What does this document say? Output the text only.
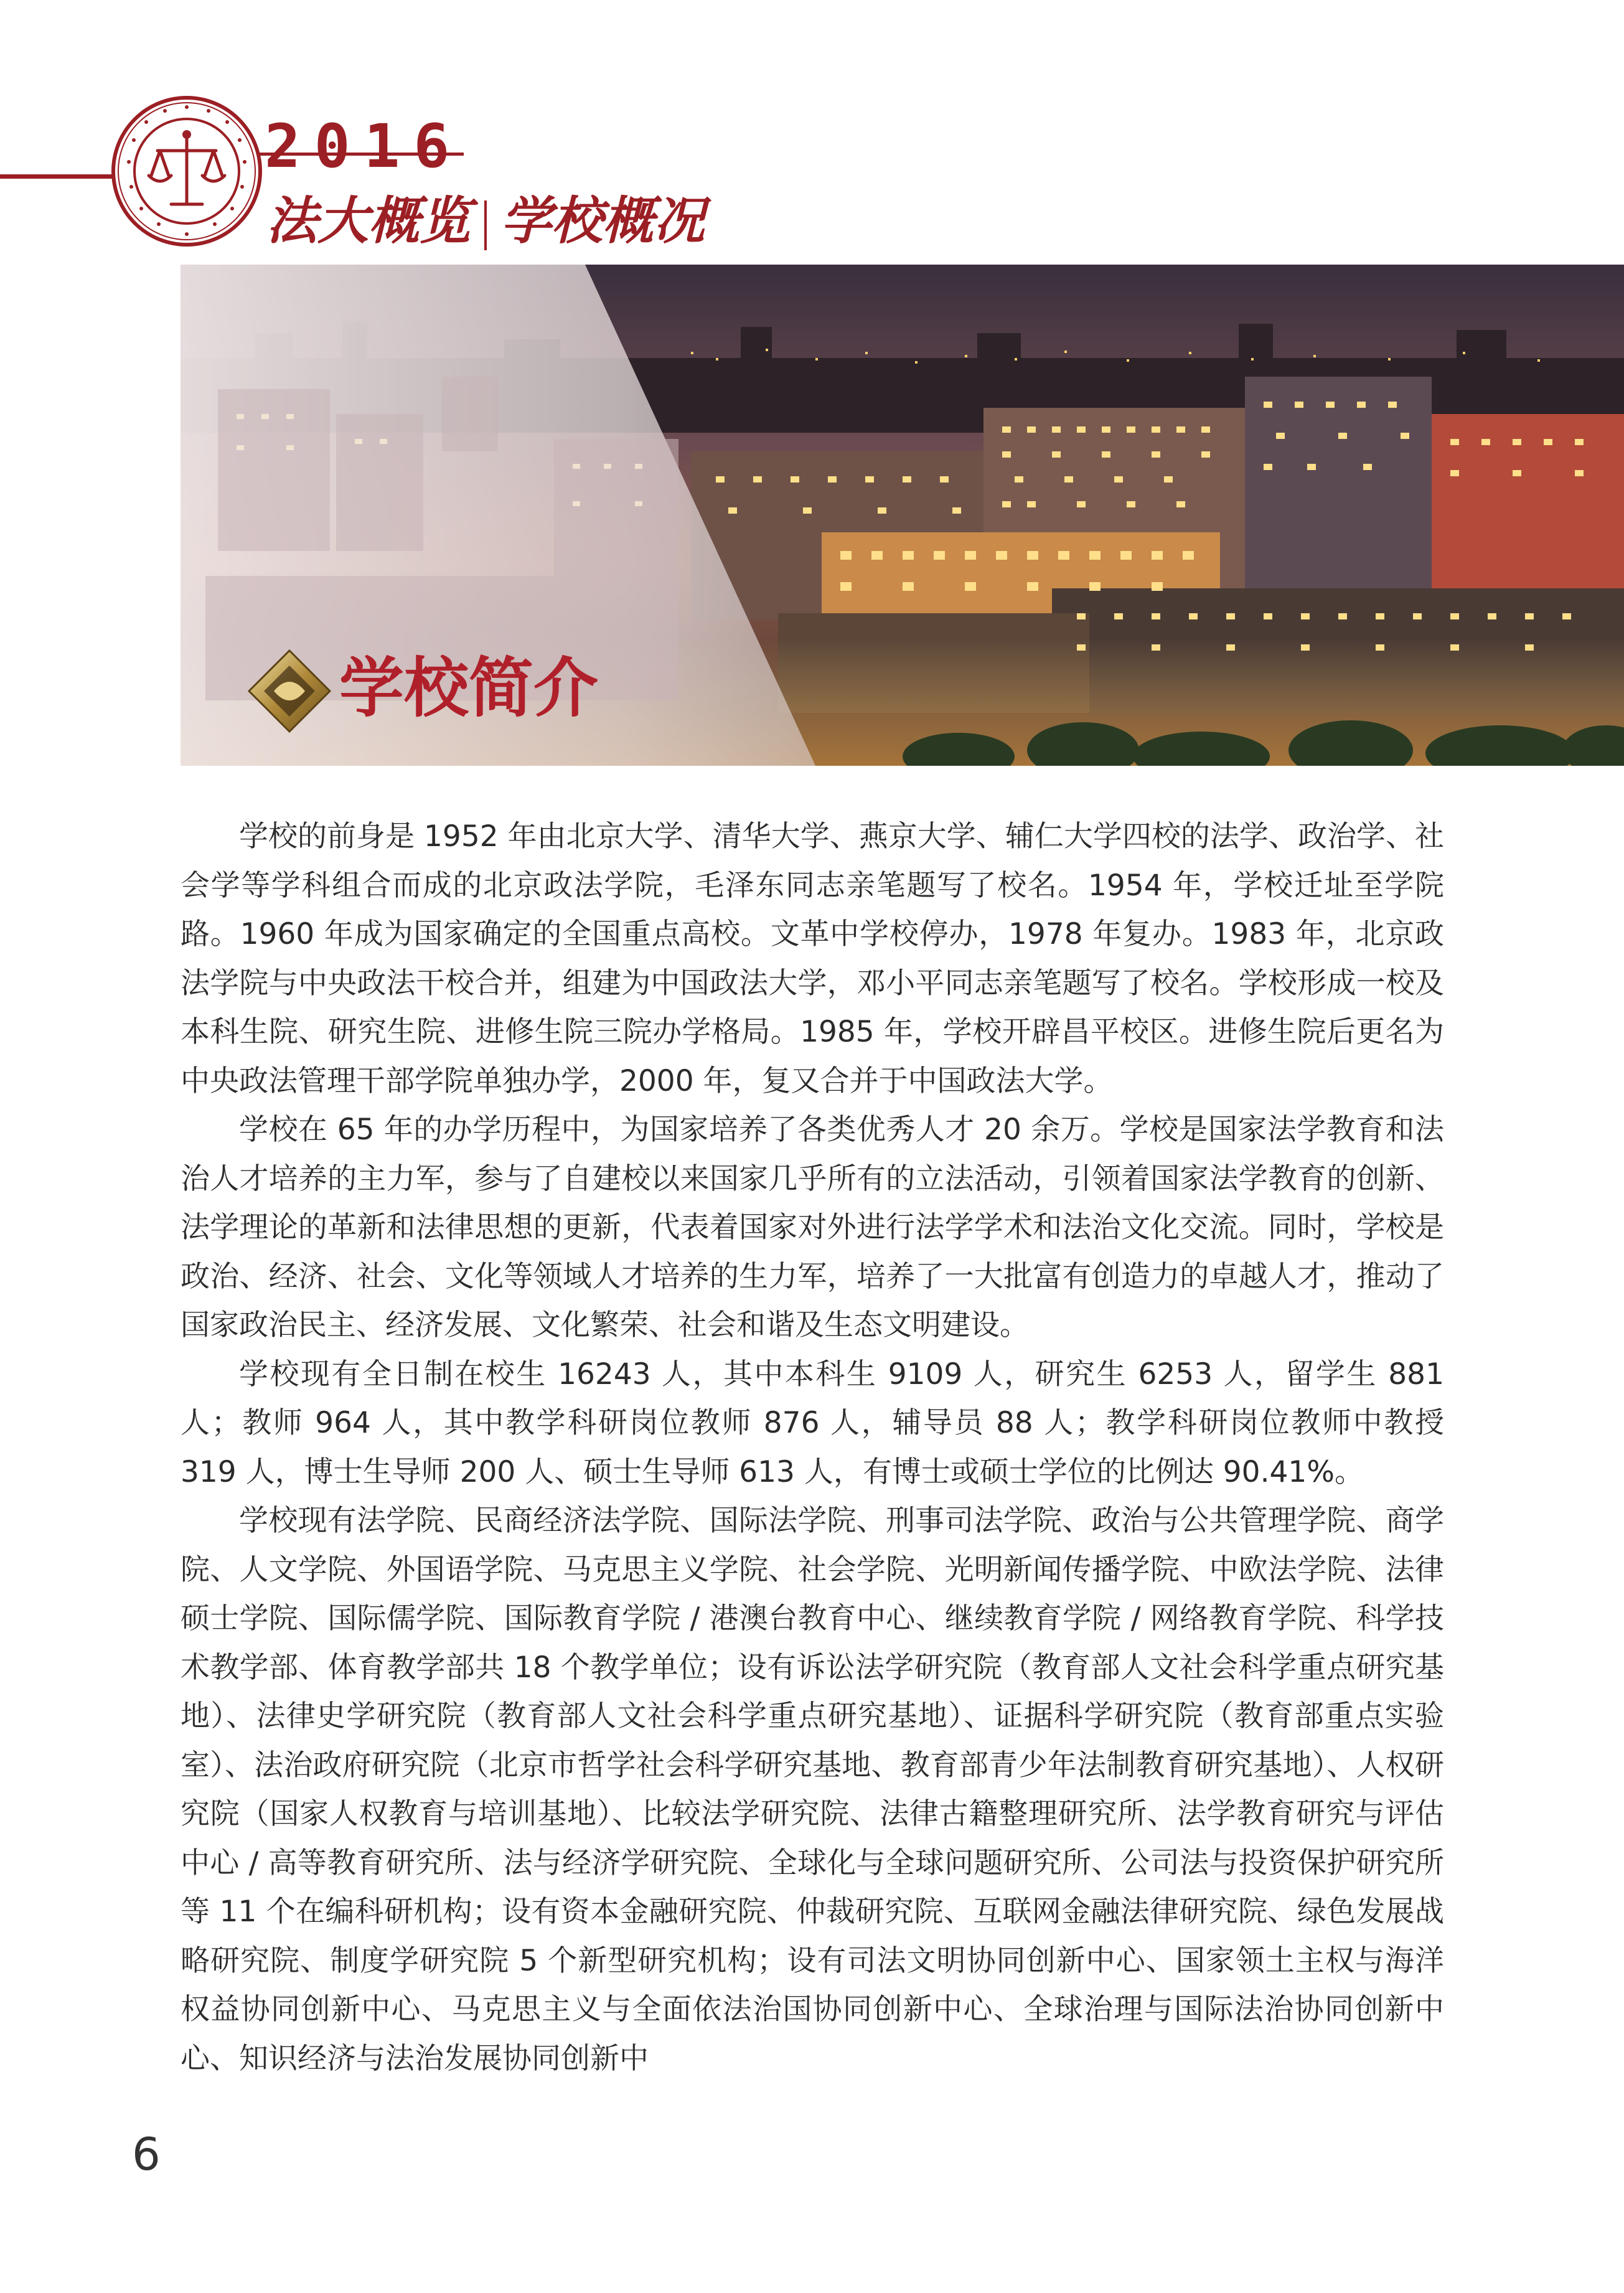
2016
法大概览 学校概况
学校简介

学校的前身是 1952 年由北京大学、清华大学、燕京大学、辅仁大学四校的法学、政治学、社会学等学科组合而成的北京政法学院，毛泽东同志亲笔题写了校名。1954 年，学校迁址至学院路。1960 年成为国家确定的全国重点高校。文革中学校停办，1978 年复办。1983 年，北京政法学院与中央政法干校合并，组建为中国政法大学，邓小平同志亲笔题写了校名。学校形成一校及本科生院、研究生院、进修生院三院办学格局。1985 年，学校开辟昌平校区。进修生院后更名为中央政法管理干部学院单独办学，2000 年，复又合并于中国政法大学。

学校在 65 年的办学历程中，为国家培养了各类优秀人才 20 余万。学校是国家法学教育和法治人才培养的主力军，参与了自建校以来国家几乎所有的立法活动，引领着国家法学教育的创新、法学理论的革新和法律思想的更新，代表着国家对外进行法学学术和法治文化交流。同时，学校是政治、经济、社会、文化等领域人才培养的生力军，培养了一大批富有创造力的卓越人才，推动了国家政治民主、经济发展、文化繁荣、社会和谐及生态文明建设。

学校现有全日制在校生 16243 人，其中本科生 9109 人，研究生 6253 人，留学生 881 人；教师 964 人，其中教学科研岗位教师 876 人，辅导员 88 人；教学科研岗位教师中教授 319 人，博士生导师 200 人、硕士生导师 613 人，有博士或硕士学位的比例达 90.41%。

学校现有法学院、民商经济法学院、国际法学院、刑事司法学院、政治与公共管理学院、商学院、人文学院、外国语学院、马克思主义学院、社会学院、光明新闻传播学院、中欧法学院、法律硕士学院、国际儒学院、国际教育学院 / 港澳台教育中心、继续教育学院 / 网络教育学院、科学技术教学部、体育教学部共 18 个教学单位；设有诉讼法学研究院（教育部人文社会科学重点研究基地）、法律史学研究院（教育部人文社会科学重点研究基地）、证据科学研究院（教育部重点实验室）、法治政府研究院（北京市哲学社会科学研究基地、教育部青少年法制教育研究基地）、人权研究院（国家人权教育与培训基地）、比较法学研究院、法律古籍整理研究所、法学教育研究与评估中心 / 高等教育研究所、法与经济学研究院、全球化与全球问题研究所、公司法与投资保护研究所等 11 个在编科研机构；设有资本金融研究院、仲裁研究院、互联网金融法律研究院、绿色发展战略研究院、制度学研究院 5 个新型研究机构；设有司法文明协同创新中心、国家领土主权与海洋权益协同创新中心、马克思主义与全面依法治国协同创新中心、全球治理与国际法治协同创新中心、知识经济与法治发展协同创新中

6
